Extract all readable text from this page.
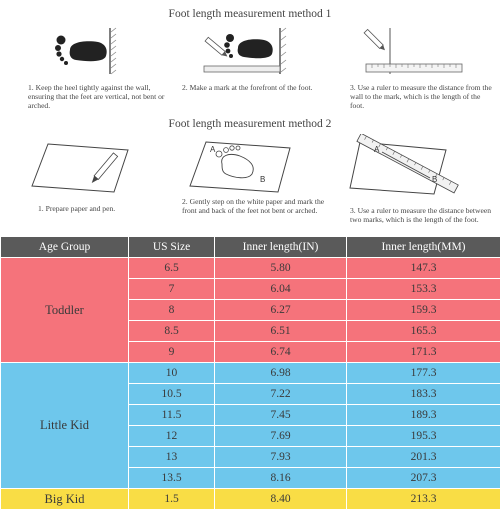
Foot length measurement method 1
1. Keep the heel tightly against the wall, ensuring that the feet are vertical, not bent or arched.
2. Make a mark at the forefront of the foot.	3. Use a ruler to measure the distance from the wall to the mark, which is the length of the foot.
Foot length measurement method 2
1. Prepare paper and pen.
A
B
2. Gently step on the white paper and mark the front and back of the feet not bent or arched.
A
B
3. Use a ruler to measure the distance between two marks, which is the length of the foot.
Age Group	US Size	Inner length(IN)	Inner length(MM)
Toddler	6.5	5.80	147.3
	7	6.04	153.3
	8	6.27	159.3
	8.5	6.51	165.3
	9	6.74	171.3
Little Kid	10	6.98	177.3
	10.5	7.22	183.3
	11.5	7.45	189.3
	12	7.69	195.3
	13	7.93	201.3
	13.5	8.16	207.3
Big Kid	1.5	8.40	213.3
